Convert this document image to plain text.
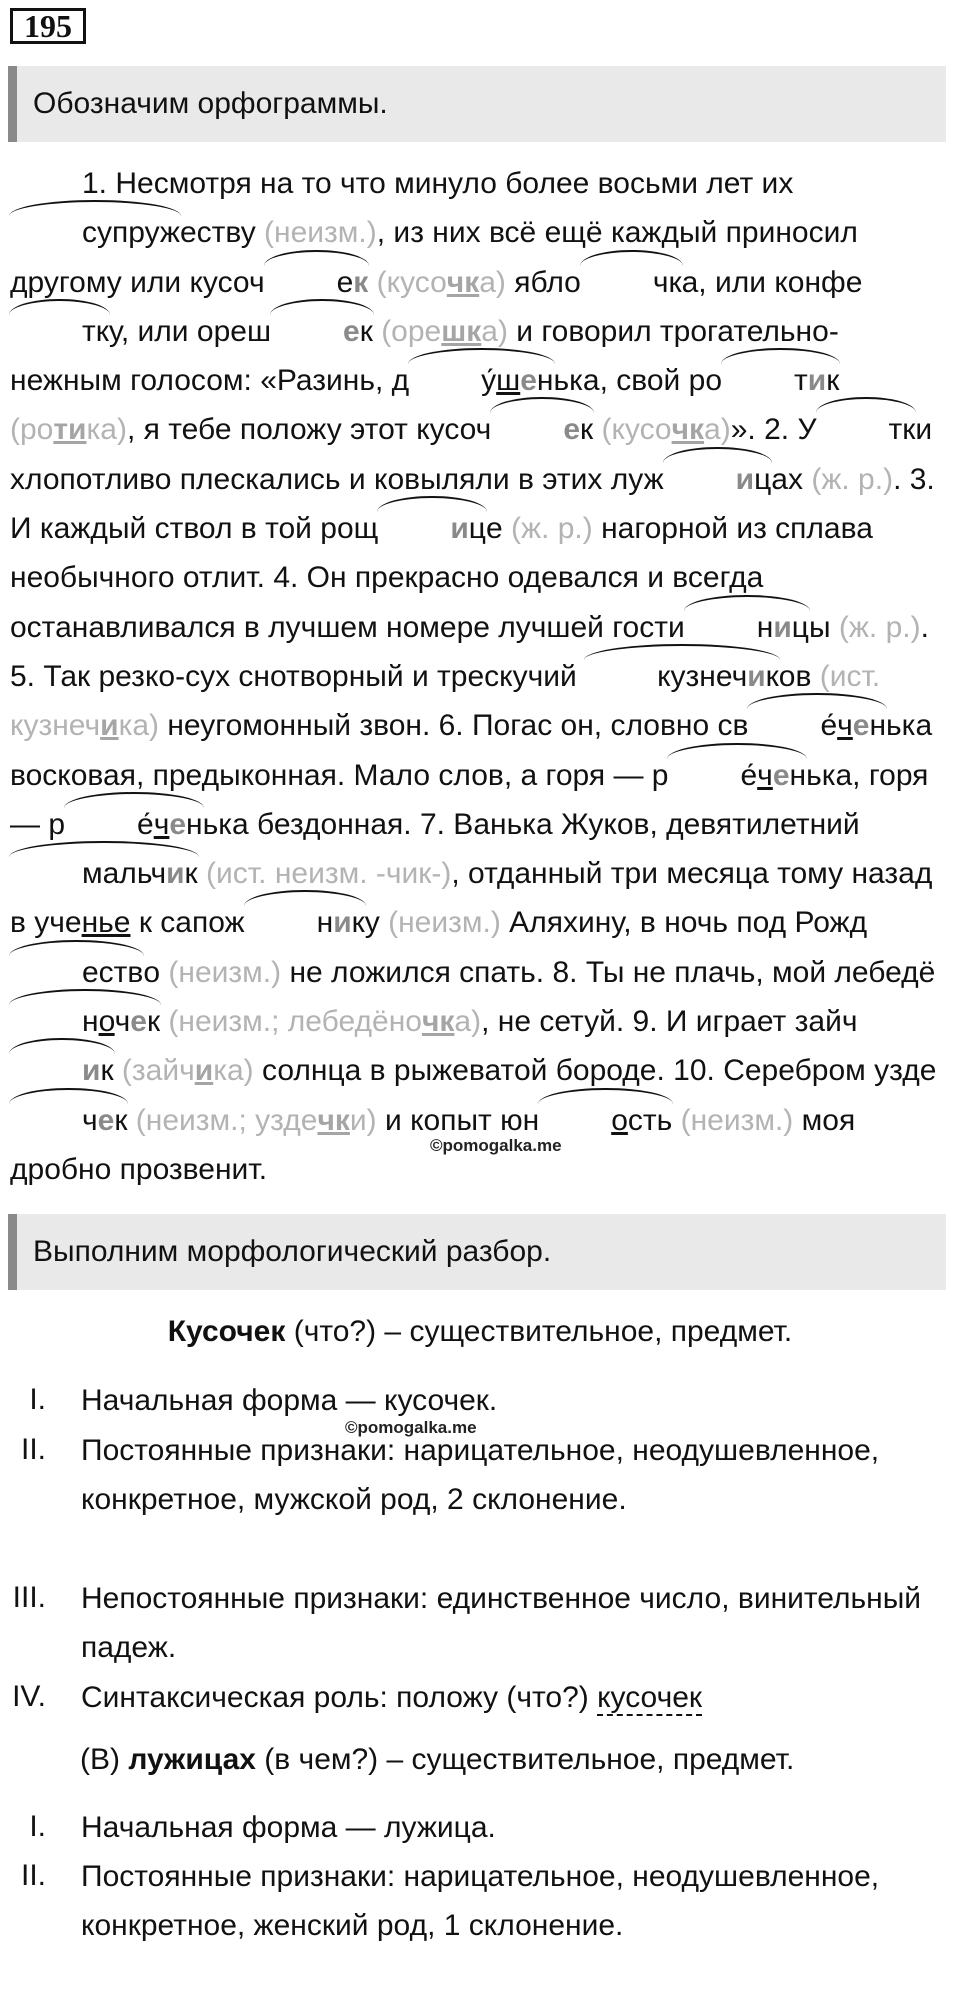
195
Обозначим орфограммы.

1. Несмотря на то что минуло более восьми лет их супружеству (неизм.), из них всё ещё каждый приносил другому или кусоч ек (кусочка) ябло чка, или конфетку, или ореш ек (орешка) и говорил трогательно-нежным голосом: «Разинь, д у́шенька, свой ро тик (ротика), я тебе положу этот кусоч ек (кусочка)». 2. У тки хлопотливо плескались и ковыляли в этих луж ицах (ж. р.). 3. И каждый ствол в той рощ ице (ж. р.) нагорной из сплава необычного отлит. 4. Он прекрасно одевался и всегда останавливался в лучшем номере лучшей гости ницы (ж. р.). 5. Так резко-сух снотворный и трескучий кузнечиков (ист. кузнечика) неугомонный звон. 6. Погас он, словно св е́ченька восковая, предыконная. Мало слов, а горя — р е́ченька, горя — р е́ченька бездонная. 7. Ванька Жуков, девятилетний мальчик (ист. неизм. -чик-), отданный три месяца тому назад в ученье к сапож нику (неизм.) Аляхину, в ночь под Рождество (неизм.) не ложился спать. 8. Ты не плачь, мой лебедёночек (неизм.; лебедёночка), не сетуй. 9. И играет зайчик (зайчика) солнца в рыжеватой бороде. 10. Серебром уздечек (неизм.; уздечки) и копыт юн ость (неизм.) моя дробно прозвенит.

©pomogalka.me
Выполним морфологический разбор.
Кусочек (что?) – существительное, предмет.
I. Начальная форма — кусочек.

©pomogalka.me
II. Постоянные признаки: нарицательное, неодушевленное, конкретное, мужской род, 2 склонение.

III. Непостоянные признаки: единственное число, винительный падеж.

IV. Синтаксическая роль: положу (что?) кусочек

(В) лужицах (в чем?) – существительное, предмет.
I. Начальная форма — лужица.

II. Постоянные признаки: нарицательное, неодушевленное, конкретное, женский род, 1 склонение.
